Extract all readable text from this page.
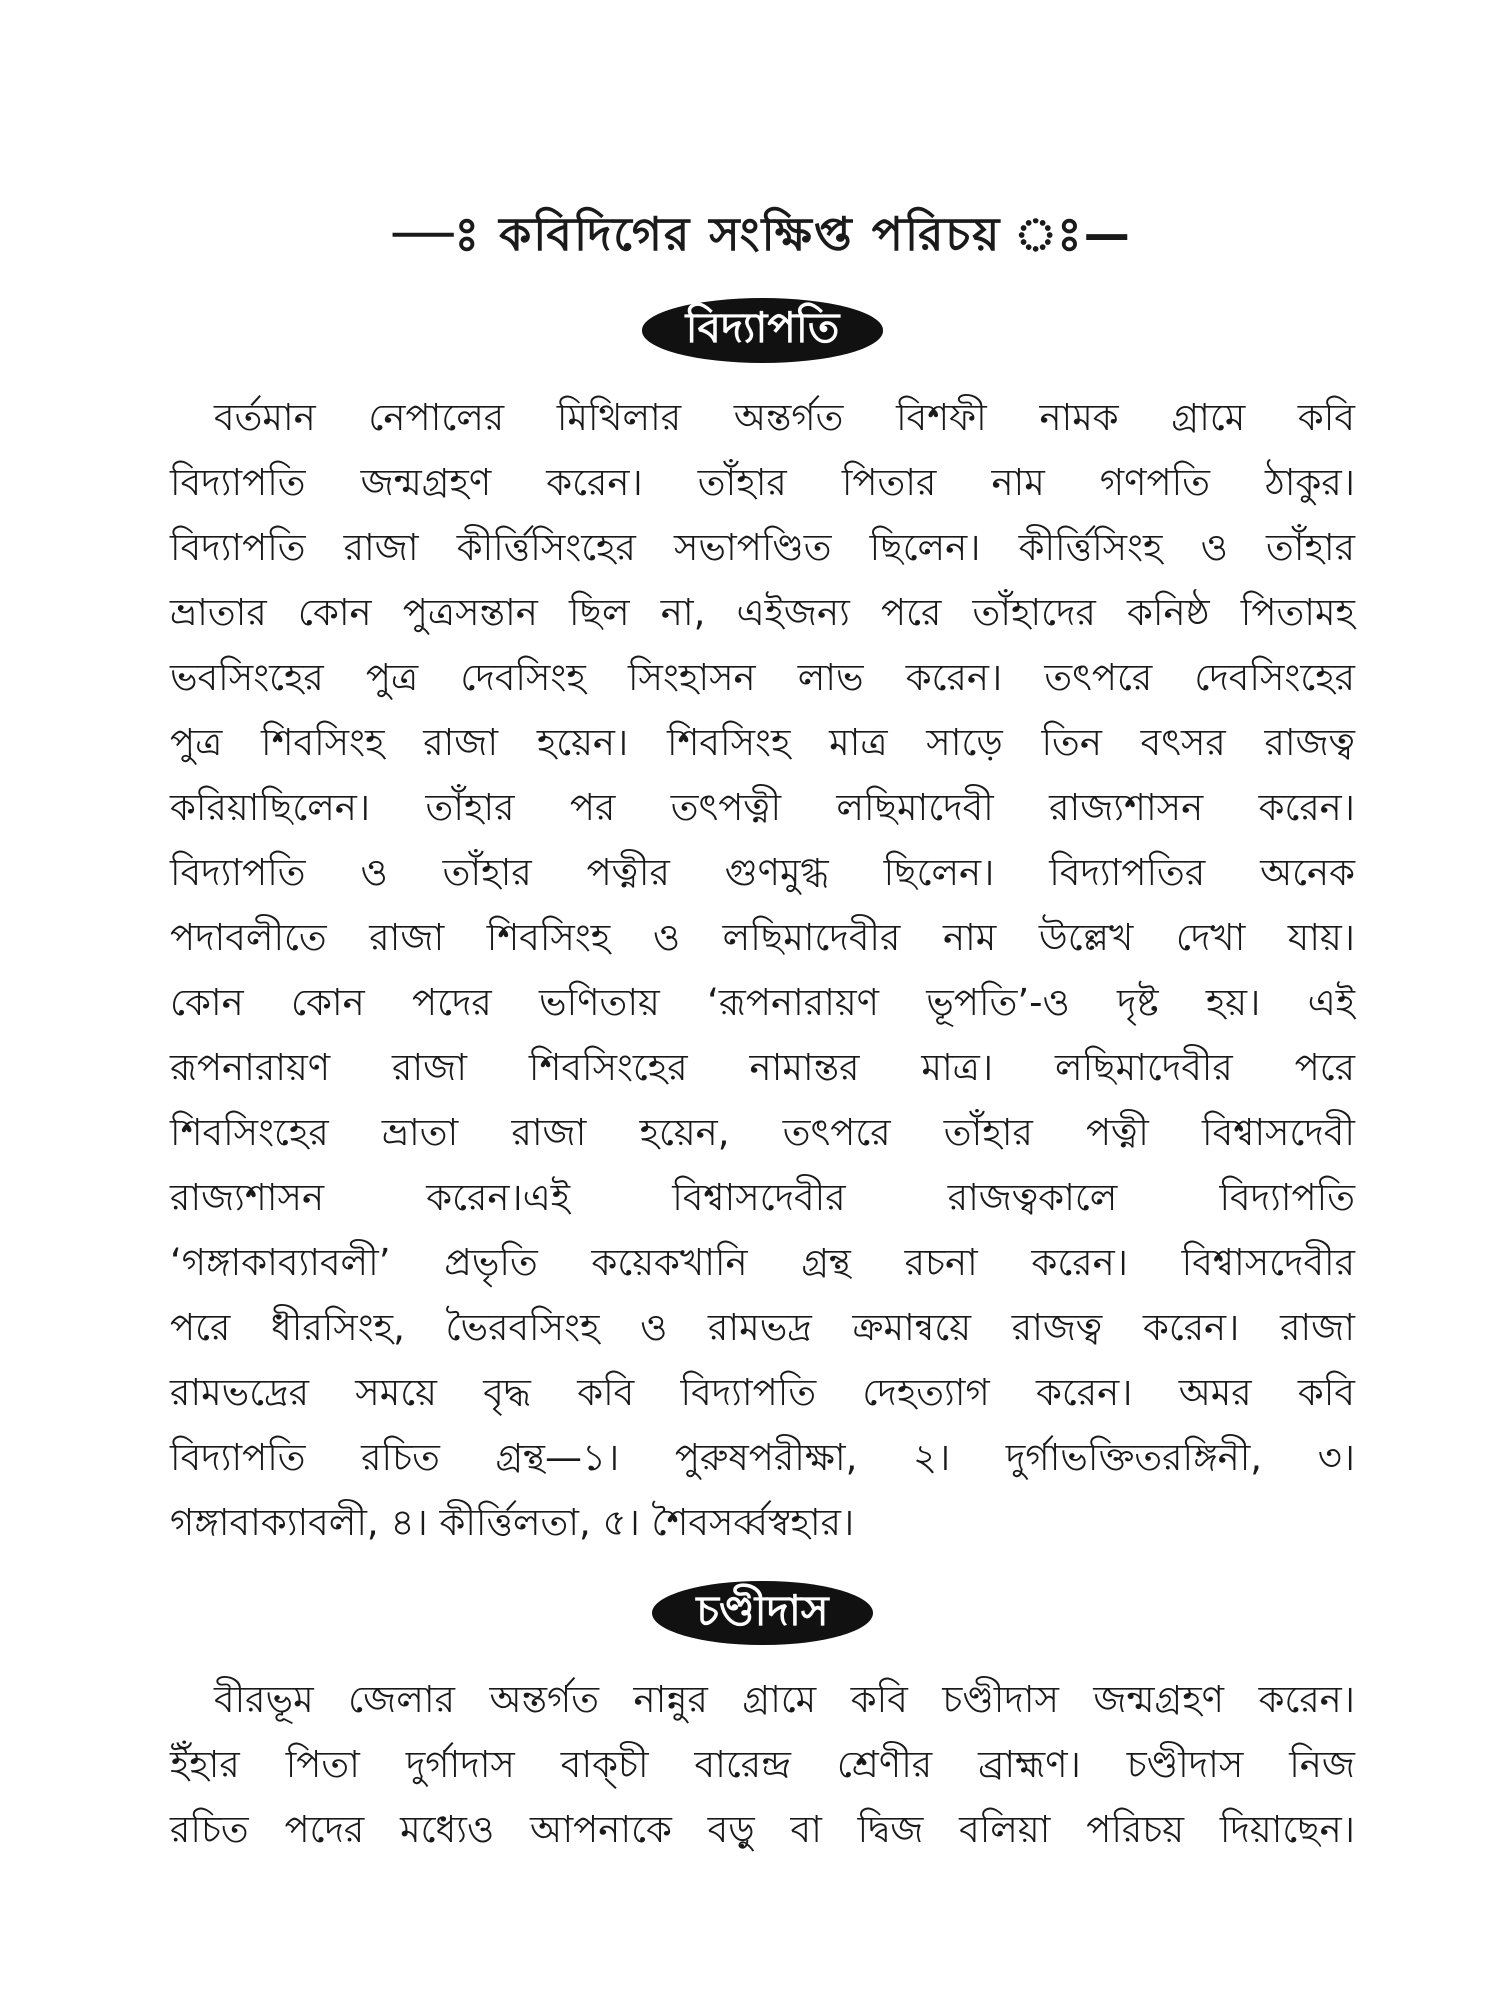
—ঃ কবিদিগের সংক্ষিপ্ত পরিচয় ঃ—
বিদ্যাপতি
বর্তমান নেপালের মিথিলার অন্তর্গত বিশফী নামক গ্রামে কবি
বিদ্যাপতি জন্মগ্রহণ করেন। তাঁহার পিতার নাম গণপতি ঠাকুর।
বিদ্যাপতি রাজা কীর্ত্তিসিংহের সভাপণ্ডিত ছিলেন। কীর্ত্তিসিংহ ও তাঁহার
ভ্রাতার কোন পুত্রসন্তান ছিল না, এইজন্য পরে তাঁহাদের কনিষ্ঠ পিতামহ
ভবসিংহের পুত্র দেবসিংহ সিংহাসন লাভ করেন। তৎপরে দেবসিংহের
পুত্র শিবসিংহ রাজা হয়েন। শিবসিংহ মাত্র সাড়ে তিন বৎসর রাজত্ব
করিয়াছিলেন। তাঁহার পর তৎপত্নী লছিমাদেবী রাজ্যশাসন করেন।
বিদ্যাপতি ও তাঁহার পত্নীর গুণমুগ্ধ ছিলেন। বিদ্যাপতির অনেক
পদাবলীতে রাজা শিবসিংহ ও লছিমাদেবীর নাম উল্লেখ দেখা যায়।
কোন কোন পদের ভণিতায় ‘রূপনারায়ণ ভূপতি’-ও দৃষ্ট হয়। এই
রূপনারায়ণ রাজা শিবসিংহের নামান্তর মাত্র। লছিমাদেবীর পরে
শিবসিংহের ভ্রাতা রাজা হয়েন, তৎপরে তাঁহার পত্নী বিশ্বাসদেবী
রাজ্যশাসন করেন।এই বিশ্বাসদেবীর রাজত্বকালে বিদ্যাপতি
‘গঙ্গাকাব্যাবলী’ প্রভৃতি কয়েকখানি গ্রন্থ রচনা করেন। বিশ্বাসদেবীর
পরে ধীরসিংহ, ভৈরবসিংহ ও রামভদ্র ক্রমান্বয়ে রাজত্ব করেন। রাজা
রামভদ্রের সময়ে বৃদ্ধ কবি বিদ্যাপতি দেহত্যাগ করেন। অমর কবি
বিদ্যাপতি রচিত গ্রন্থ—১। পুরুষপরীক্ষা, ২। দুর্গাভক্তিতরঙ্গিনী, ৩।
গঙ্গাবাক্যাবলী, ৪। কীর্ত্তিলতা, ৫। শৈবসর্ব্বস্বহার।
চণ্ডীদাস
বীরভূম জেলার অন্তর্গত নান্নুর গ্রামে কবি চণ্ডীদাস জন্মগ্রহণ করেন।
ইঁহার পিতা দুর্গাদাস বাক্‌চী বারেন্দ্র শ্রেণীর ব্রাহ্মণ। চণ্ডীদাস নিজ
রচিত পদের মধ্যেও আপনাকে বড়ু বা দ্বিজ বলিয়া পরিচয় দিয়াছেন।
